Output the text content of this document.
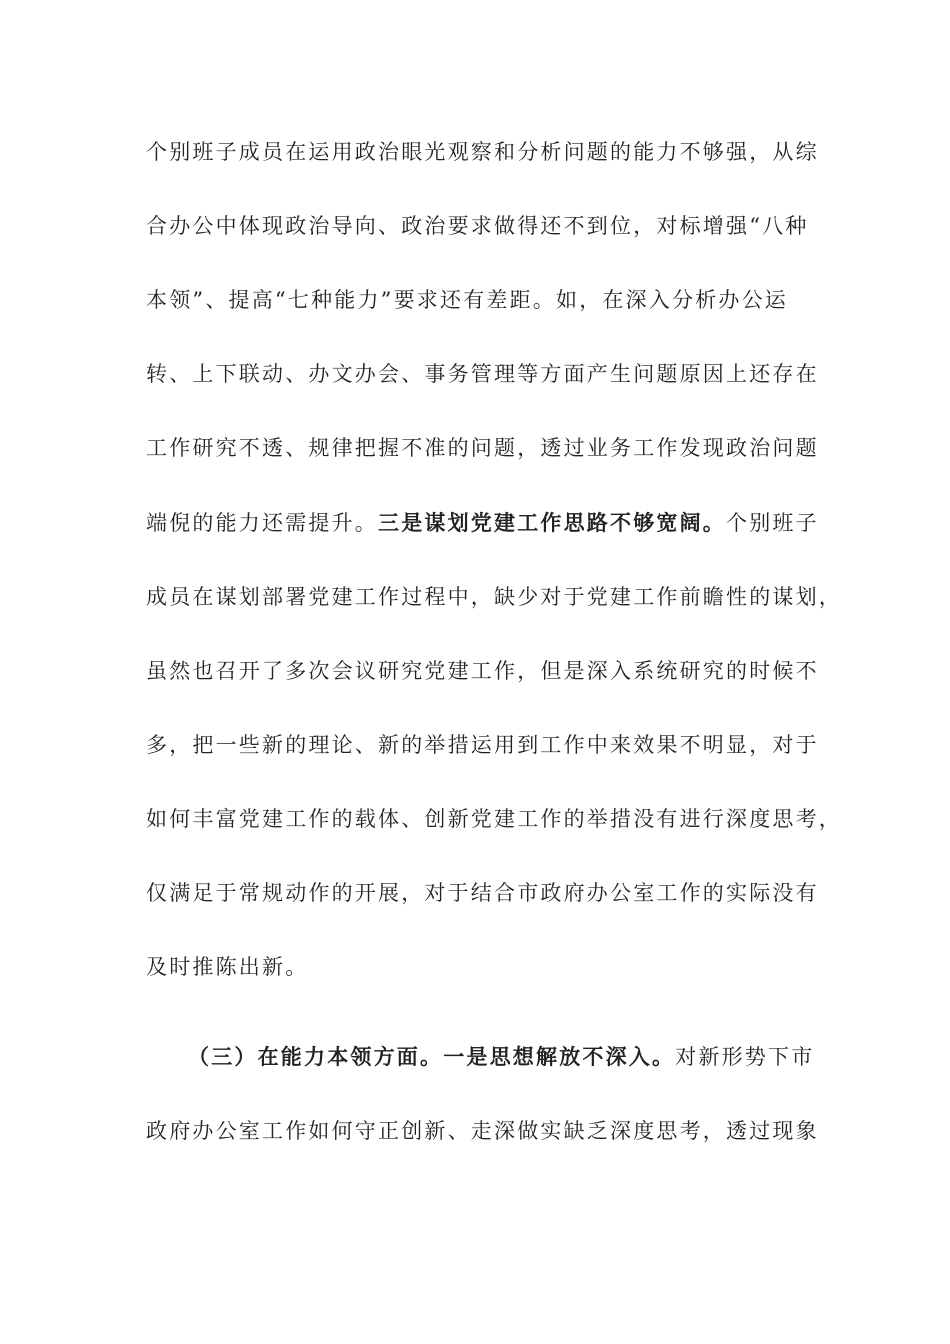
个别班子成员在运用政治眼光观察和分析问题的能力不够强，从综
合办公中体现政治导向、政治要求做得还不到位，对标增强“八种
本领”、提高“七种能力”要求还有差距。如，在深入分析办公运
转、上下联动、办文办会、事务管理等方面产生问题原因上还存在
工作研究不透、规律把握不准的问题，透过业务工作发现政治问题
端倪的能力还需提升。三是谋划党建工作思路不够宽阔。个别班子
成员在谋划部署党建工作过程中，缺少对于党建工作前瞻性的谋划，
虽然也召开了多次会议研究党建工作，但是深入系统研究的时候不
多，把一些新的理论、新的举措运用到工作中来效果不明显，对于
如何丰富党建工作的载体、创新党建工作的举措没有进行深度思考，
仅满足于常规动作的开展，对于结合市政府办公室工作的实际没有
及时推陈出新。
（三）在能力本领方面。一是思想解放不深入。对新形势下市
政府办公室工作如何守正创新、走深做实缺乏深度思考，透过现象
